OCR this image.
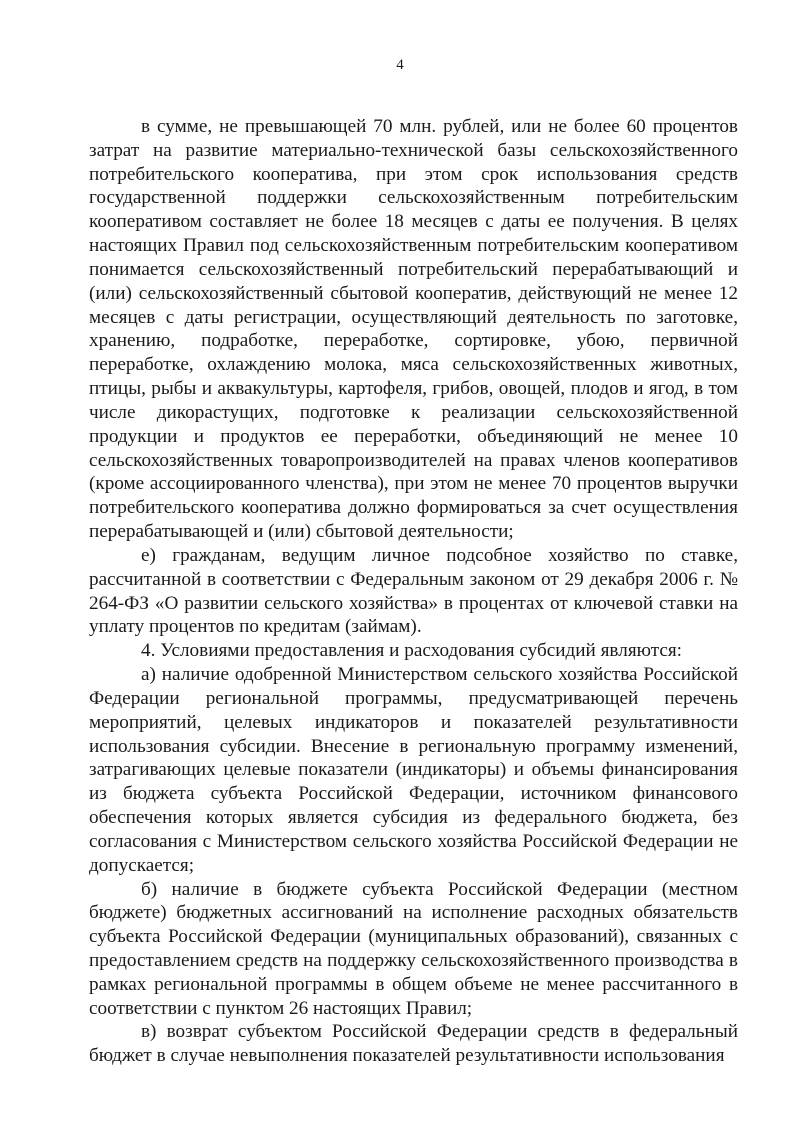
4

в сумме, не превышающей 70 млн. рублей, или не более 60 процентов затрат на развитие материально-технической базы сельскохозяйственного потребительского кооператива, при этом срок использования средств государственной поддержки сельскохозяйственным потребительским кооперативом составляет не более 18 месяцев с даты ее получения. В целях настоящих Правил под сельскохозяйственным потребительским кооперативом понимается сельскохозяйственный потребительский перерабатывающий и (или) сельскохозяйственный сбытовой кооператив, действующий не менее 12 месяцев с даты регистрации, осуществляющий деятельность по заготовке, хранению, подработке, переработке, сортировке, убою, первичной переработке, охлаждению молока, мяса сельскохозяйственных животных, птицы, рыбы и аквакультуры, картофеля, грибов, овощей, плодов и ягод, в том числе дикорастущих, подготовке к реализации сельскохозяйственной продукции и продуктов ее переработки, объединяющий не менее 10 сельскохозяйственных товаропроизводителей на правах членов кооперативов (кроме ассоциированного членства), при этом не менее 70 процентов выручки потребительского кооператива должно формироваться за счет осуществления перерабатывающей и (или) сбытовой деятельности;

е) гражданам, ведущим личное подсобное хозяйство по ставке, рассчитанной в соответствии с Федеральным законом от 29 декабря 2006 г. № 264-ФЗ «О развитии сельского хозяйства» в процентах от ключевой ставки на уплату процентов по кредитам (займам).

4. Условиями предоставления и расходования субсидий являются:

а) наличие одобренной Министерством сельского хозяйства Российской Федерации региональной программы, предусматривающей перечень мероприятий, целевых индикаторов и показателей результативности использования субсидии. Внесение в региональную программу изменений, затрагивающих целевые показатели (индикаторы) и объемы финансирования из бюджета субъекта Российской Федерации, источником финансового обеспечения которых является субсидия из федерального бюджета, без согласования с Министерством сельского хозяйства Российской Федерации не допускается;

б) наличие в бюджете субъекта Российской Федерации (местном бюджете) бюджетных ассигнований на исполнение расходных обязательств субъекта Российской Федерации (муниципальных образований), связанных с предоставлением средств на поддержку сельскохозяйственного производства в рамках региональной программы в общем объеме не менее рассчитанного в соответствии с пунктом 26 настоящих Правил;

в) возврат субъектом Российской Федерации средств в федеральный бюджет в случае невыполнения показателей результативности использования
